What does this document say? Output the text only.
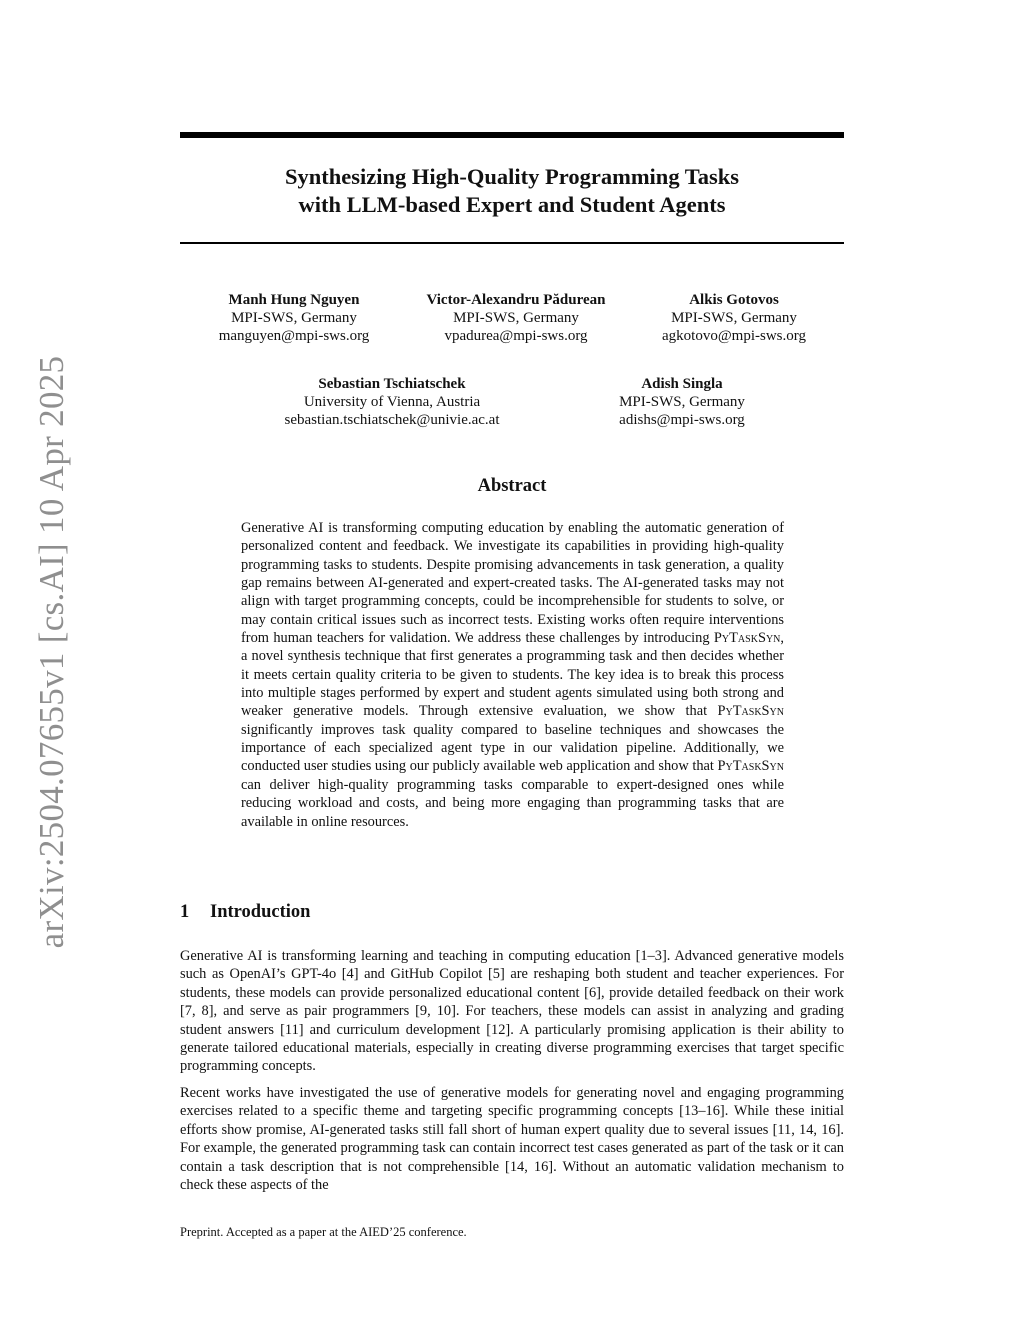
arXiv:2504.07655v1 [cs.AI] 10 Apr 2025
Synthesizing High-Quality Programming Tasks
with LLM-based Expert and Student Agents
Manh Hung Nguyen
MPI-SWS, Germany
manguyen@mpi-sws.org
Victor-Alexandru Pădurean
MPI-SWS, Germany
vpadurea@mpi-sws.org
Alkis Gotovos
MPI-SWS, Germany
agkotovo@mpi-sws.org
Sebastian Tschiatschek
University of Vienna, Austria
sebastian.tschiatschek@univie.ac.at
Adish Singla
MPI-SWS, Germany
adishs@mpi-sws.org
Abstract

Generative AI is transforming computing education by enabling the automatic generation of personalized content and feedback. We investigate its capabilities in providing high-quality programming tasks to students. Despite promising advancements in task generation, a quality gap remains between AI-generated and expert-created tasks. The AI-generated tasks may not align with target programming concepts, could be incomprehensible for students to solve, or may contain critical issues such as incorrect tests. Existing works often require interventions from human teachers for validation. We address these challenges by introducing PyTaskSyn, a novel synthesis technique that first generates a programming task and then decides whether it meets certain quality criteria to be given to students. The key idea is to break this process into multiple stages performed by expert and student agents simulated using both strong and weaker generative models. Through extensive evaluation, we show that PyTaskSyn significantly improves task quality compared to baseline techniques and showcases the importance of each specialized agent type in our validation pipeline. Additionally, we conducted user studies using our publicly available web application and show that PyTaskSyn can deliver high-quality programming tasks comparable to expert-designed ones while reducing workload and costs, and being more engaging than programming tasks that are available in online resources.

1 Introduction

Generative AI is transforming learning and teaching in computing education [1–3]. Advanced generative models such as OpenAI’s GPT-4o [4] and GitHub Copilot [5] are reshaping both student and teacher experiences. For students, these models can provide personalized educational content [6], provide detailed feedback on their work [7, 8], and serve as pair programmers [9, 10]. For teachers, these models can assist in analyzing and grading student answers [11] and curriculum development [12]. A particularly promising application is their ability to generate tailored educational materials, especially in creating diverse programming exercises that target specific programming concepts.

Recent works have investigated the use of generative models for generating novel and engaging programming exercises related to a specific theme and targeting specific programming concepts [13–16]. While these initial efforts show promise, AI-generated tasks still fall short of human expert quality due to several issues [11, 14, 16]. For example, the generated programming task can contain incorrect test cases generated as part of the task or it can contain a task description that is not comprehensible [14, 16]. Without an automatic validation mechanism to check these aspects of the

Preprint. Accepted as a paper at the AIED’25 conference.
